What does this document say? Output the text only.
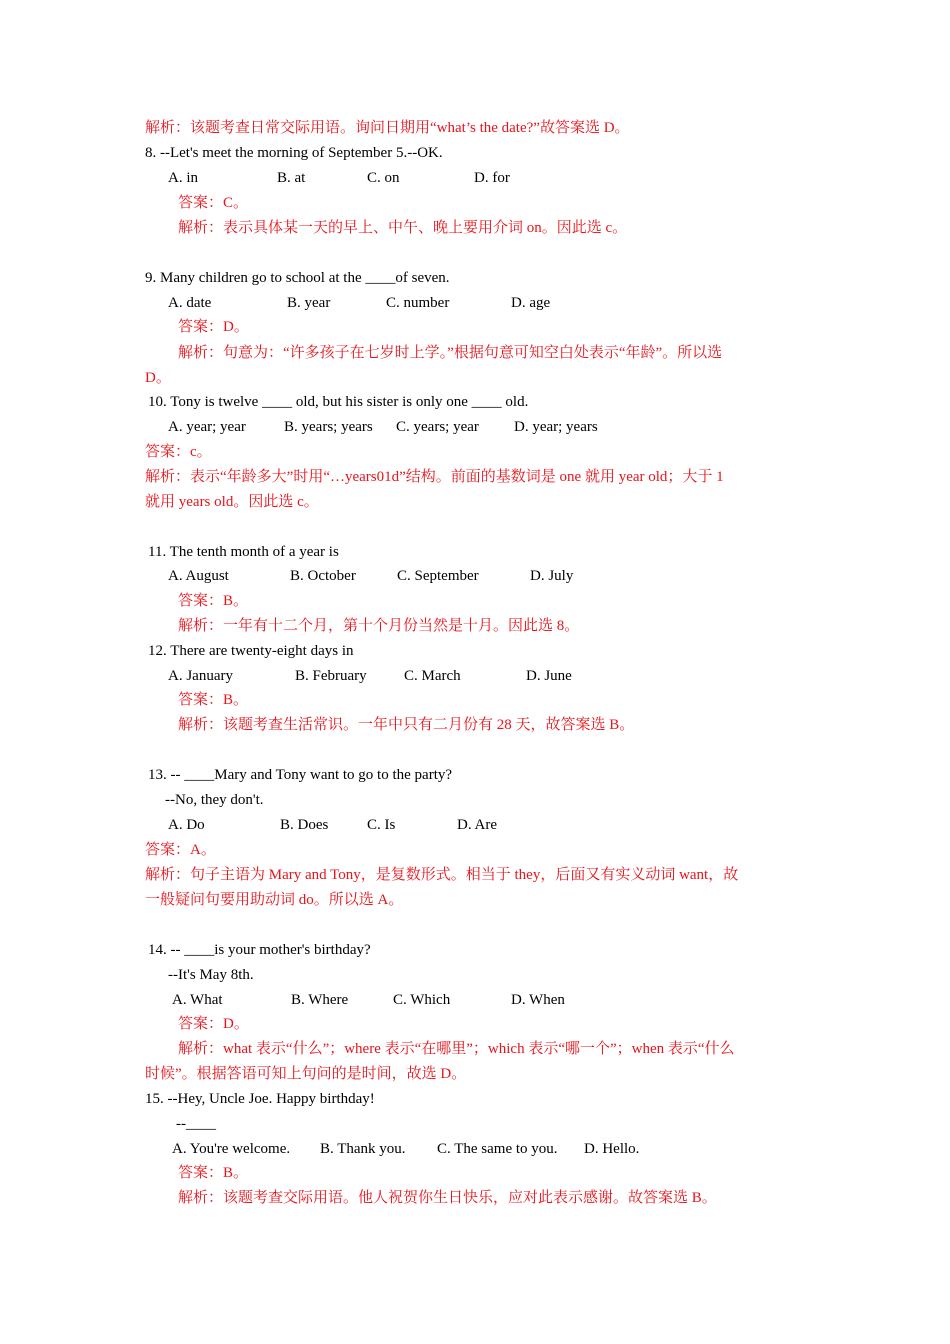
解析：该题考查日常交际用语。询问日期用“what’s the date?”故答案选 D。
8. --Let's meet the morning of September 5.--OK.
A. in	B. at	C. on	D. for
答案：C。
解析：表示具体某一天的早上、中午、晚上要用介词 on。因此选 c。
9. Many children go to school at the ____of seven.
A. date	B. year	C. number	D. age
答案：D。
解析：句意为：“许多孩子在七岁时上学。”根据句意可知空白处表示“年龄”。所以选
D。
10. Tony is twelve ____ old, but his sister is only one ____ old.
A. year; year	B. years; years C. years; year D. year; years
答案：c。
解析：表示“年龄多大”时用“…years01d”结构。前面的基数词是 one 就用 year old；大于 1
就用 years old。因此选 c。
11. The tenth month of a year is
A. August	B. October	C. September	D. July
答案：B。
解析：一年有十二个月，第十个月份当然是十月。因此选 8。
12. There are twenty-eight days in
A. January	B. February C. March	D. June
答案：B。
解析：该题考查生活常识。一年中只有二月份有 28 天，故答案选 B。
13. -- ____Mary and Tony want to go to the party?
--No, they don't.
A. Do	B. Does	C. Is	D. Are
答案：A。
解析：句子主语为 Mary and Tony，是复数形式。相当于 they，后面又有实义动词 want，故
一般疑问句要用助动词 do。所以选 A。
14. -- ____is your mother's birthday?
--It's May 8th.
A. What	B. Where	C. Which	D. When
答案：D。
解析：what 表示“什么”；where 表示“在哪里”；which 表示“哪一个”；when 表示“什么
时候”。根据答语可知上句问的是时间，故选 D。
15. --Hey, Uncle Joe. Happy birthday!
--____
A. You're welcome. B. Thank you. C. The same to you. D. Hello.
答案：B。
解析：该题考查交际用语。他人祝贺你生日快乐，应对此表示感谢。故答案选 B。
